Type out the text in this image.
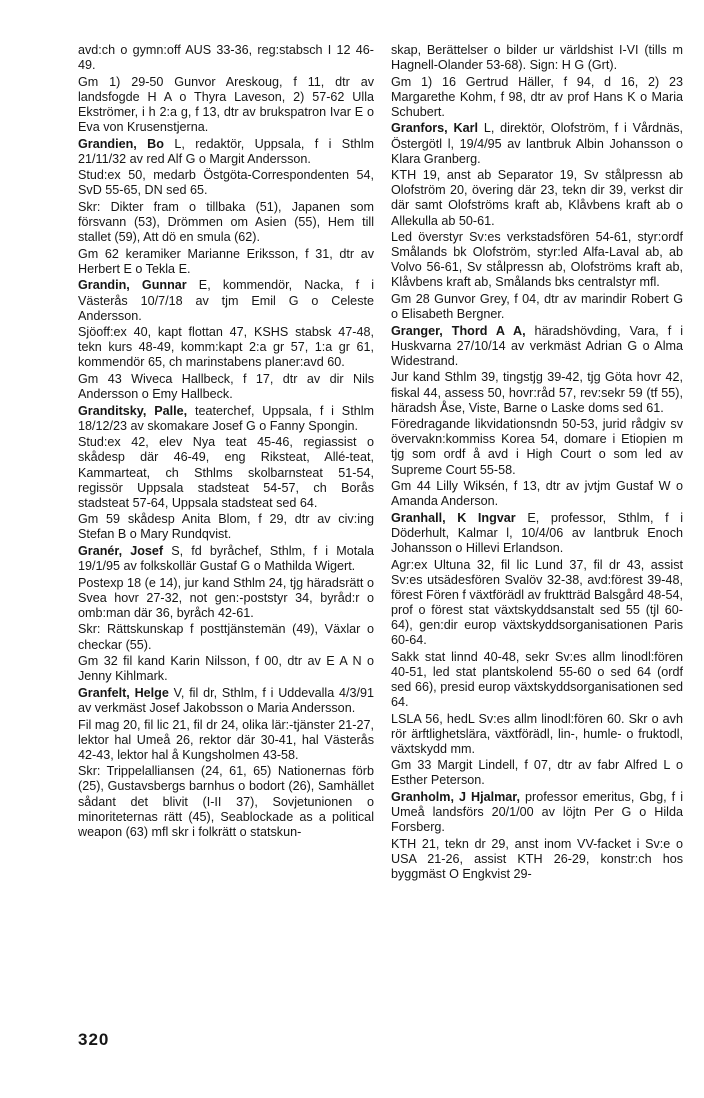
avd:ch o gymn:off AUS 33-36, reg:stabsch I 12 46-49.

Gm 1) 29-50 Gunvor Areskoug, f 11, dtr av landsfogde H A o Thyra Laveson, 2) 57-62 Ulla Ekströmer, i h 2:a g, f 13, dtr av brukspatron Ivar E o Eva von Krusenstjerna.

Grandien, Bo L, redaktör, Uppsala, f i Sthlm 21/11/32 av red Alf G o Margit Andersson.

Stud:ex 50, medarb Östgöta-Correspondenten 54, SvD 55-65, DN sed 65.

Skr: Dikter fram o tillbaka (51), Japanen som försvann (53), Drömmen om Asien (55), Hem till stallet (59), Att dö en smula (62).

Gm 62 keramiker Marianne Eriksson, f 31, dtr av Herbert E o Tekla E.

Grandin, Gunnar E, kommendör, Nacka, f i Västerås 10/7/18 av tjm Emil G o Celeste Andersson.

Sjöoff:ex 40, kapt flottan 47, KSHS stabsk 47-48, tekn kurs 48-49, komm:kapt 2:a gr 57, 1:a gr 61, kommendör 65, ch marinstabens planer:avd 60.

Gm 43 Wiveca Hallbeck, f 17, dtr av dir Nils Andersson o Emy Hallbeck.

Granditsky, Palle, teaterchef, Uppsala, f i Sthlm 18/12/23 av skomakare Josef G o Fanny Spongin.

Stud:ex 42, elev Nya teat 45-46, regiassist o skådesp där 46-49, eng Riksteat, Allé-teat, Kammarteat, ch Sthlms skolbarnsteat 51-54, regissör Uppsala stadsteat 54-57, ch Borås stadsteat 57-64, Uppsala stadsteat sed 64.

Gm 59 skådesp Anita Blom, f 29, dtr av civ:ing Stefan B o Mary Rundqvist.

Granér, Josef S, fd byråchef, Sthlm, f i Motala 19/1/95 av folkskollär Gustaf G o Mathilda Wigert.

Postexp 18 (e 14), jur kand Sthlm 24, tjg häradsrätt o Svea hovr 27-32, not gen:-poststyr 34, byråd:r o omb:man där 36, byråch 42-61.

Skr: Rättskunskap f posttjänstemän (49), Växlar o checkar (55).

Gm 32 fil kand Karin Nilsson, f 00, dtr av E A N o Jenny Kihlmark.

Granfelt, Helge V, fil dr, Sthlm, f i Uddevalla 4/3/91 av verkmäst Josef Jakobsson o Maria Andersson.

Fil mag 20, fil lic 21, fil dr 24, olika lär:-tjänster 21-27, lektor hal Umeå 26, rektor där 30-41, hal Västerås 42-43, lektor hal å Kungsholmen 43-58.

Skr: Trippelalliansen (24, 61, 65) Nationernas förb (25), Gustavsbergs barnhus o bodort (26), Samhället sådant det blivit (I-II 37), Sovjetunionen o minoriteternas rätt (45), Seablockade as a political weapon (63) mfl skr i folkrätt o statskun-

skap, Berättelser o bilder ur världshist I-VI (tills m Hagnell-Olander 53-68). Sign: H G (Grt).

Gm 1) 16 Gertrud Häller, f 94, d 16, 2) 23 Margarethe Kohm, f 98, dtr av prof Hans K o Maria Schubert.

Granfors, Karl L, direktör, Olofström, f i Vårdnäs, Östergötl l, 19/4/95 av lantbruk Albin Johansson o Klara Granberg.

KTH 19, anst ab Separator 19, Sv stålpressn ab Olofström 20, övering där 23, tekn dir 39, verkst dir där samt Olofströms kraft ab, Klåvbens kraft ab o Allekulla ab 50-61.

Led överstyr Sv:es verkstadsfören 54-61, styr:ordf Smålands bk Olofström, styr:led Alfa-Laval ab, ab Volvo 56-61, Sv stålpressn ab, Olofströms kraft ab, Klåvbens kraft ab, Smålands bks centralstyr mfl.

Gm 28 Gunvor Grey, f 04, dtr av marindir Robert G o Elisabeth Bergner.

Granger, Thord A A, häradshövding, Vara, f i Huskvarna 27/10/14 av verkmäst Adrian G o Alma Widestrand.

Jur kand Sthlm 39, tingstjg 39-42, tjg Göta hovr 42, fiskal 44, assess 50, hovr:råd 57, rev:sekr 59 (tf 55), häradsh Åse, Viste, Barne o Laske doms sed 61.

Föredragande likvidationsndn 50-53, jurid rådgiv sv övervakn:kommiss Korea 54, domare i Etiopien m tjg som ordf å avd i High Court o som led av Supreme Court 55-58.

Gm 44 Lilly Wiksén, f 13, dtr av jvtjm Gustaf W o Amanda Anderson.

Granhall, K Ingvar E, professor, Sthlm, f i Döderhult, Kalmar l, 10/4/06 av lantbruk Enoch Johansson o Hillevi Erlandson.

Agr:ex Ultuna 32, fil lic Lund 37, fil dr 43, assist Sv:es utsädesfören Svalöv 32-38, avd:förest 39-48, förest Fören f växtförädl av fruktträd Balsgård 48-54, prof o förest stat växtskyddsanstalt sed 55 (tjl 60-64), gen:dir europ växtskyddsorganisationen Paris 60-64.

Sakk stat linnd 40-48, sekr Sv:es allm linodl:fören 40-51, led stat plantskolend 55-60 o sed 64 (ordf sed 66), presid europ växtskyddsorganisationen sed 64.

LSLA 56, hedL Sv:es allm linodl:fören 60. Skr o avh rör ärftlighetslära, växtförädl, lin-, humle- o fruktodl, växtskydd mm.

Gm 33 Margit Lindell, f 07, dtr av fabr Alfred L o Esther Peterson.

Granholm, J Hjalmar, professor emeritus, Gbg, f i Umeå landsförs 20/1/00 av löjtn Per G o Hilda Forsberg.

KTH 21, tekn dr 29, anst inom VV-facket i Sv:e o USA 21-26, assist KTH 26-29, konstr:ch hos byggmäst O Engkvist 29-

320
